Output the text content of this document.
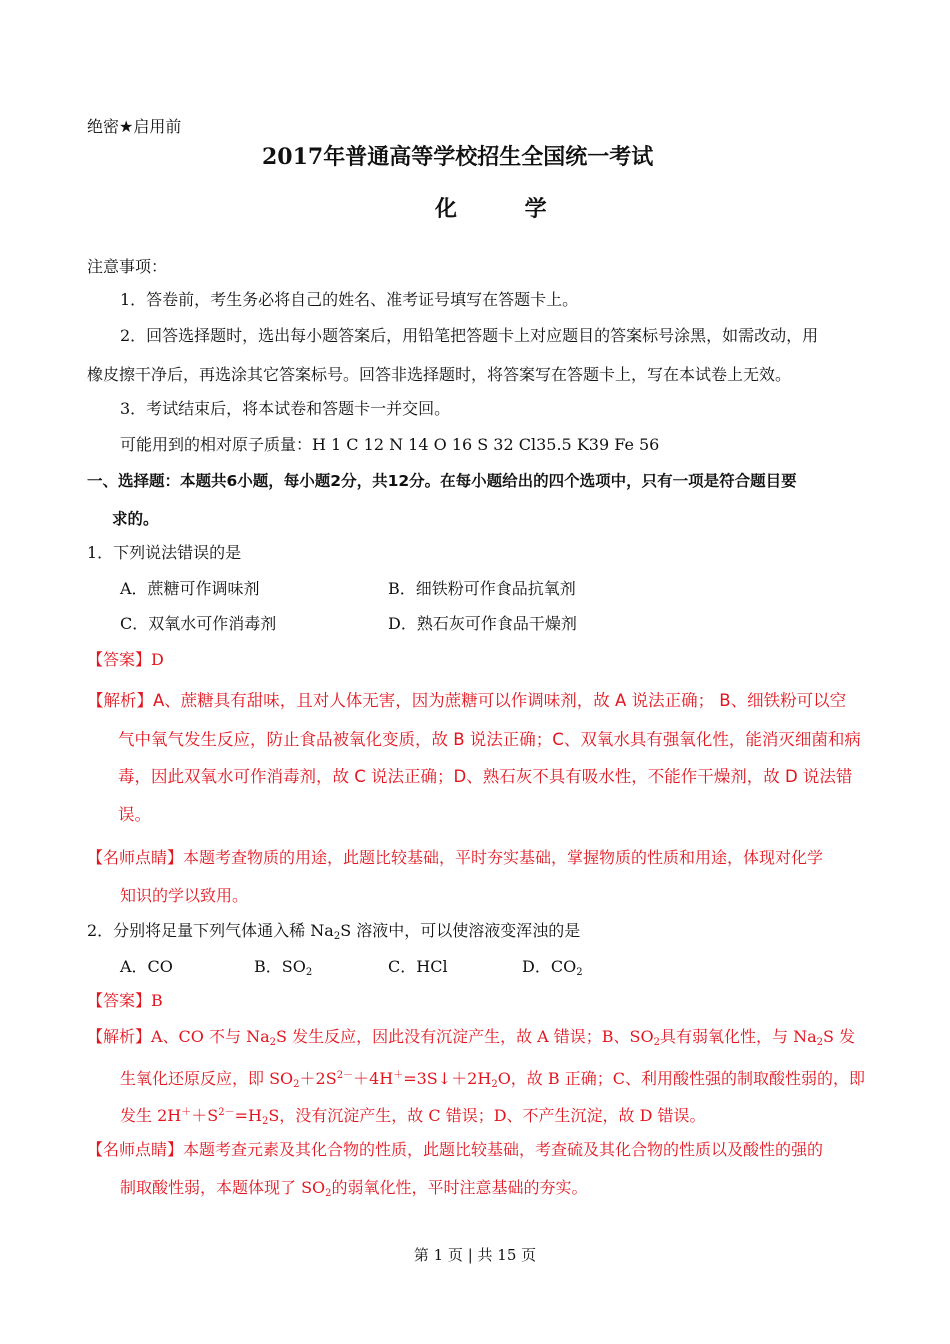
绝密★启用前
2017年普通高等学校招生全国统一考试
化 学
注意事项：
1．答卷前，考生务必将自己的姓名、准考证号填写在答题卡上。
2．回答选择题时，选出每小题答案后，用铅笔把答题卡上对应题目的答案标号涂黑，如需改动，用
橡皮擦干净后，再选涂其它答案标号。回答非选择题时，将答案写在答题卡上，写在本试卷上无效。
3．考试结束后，将本试卷和答题卡一并交回。
可能用到的相对原子质量：H 1 C 12 N 14 O 16 S 32 Cl35.5 K39 Fe 56
一、选择题：本题共6小题，每小题2分，共12分。在每小题给出的四个选项中，只有一项是符合题目要
求的。
1．下列说法错误的是
A．蔗糖可作调味剂	B．细铁粉可作食品抗氧剂
C．双氧水可作消毒剂	D．熟石灰可作食品干燥剂
【答案】D
【解析】A、蔗糖具有甜味，且对人体无害，因为蔗糖可以作调味剂，故 A 说法正确； B、细铁粉可以空
气中氧气发生反应，防止食品被氧化变质，故 B 说法正确；C、双氧水具有强氧化性，能消灭细菌和病
毒，因此双氧水可作消毒剂，故 C 说法正确；D、熟石灰不具有吸水性，不能作干燥剂，故 D 说法错
误。
【名师点睛】本题考查物质的用途，此题比较基础，平时夯实基础，掌握物质的性质和用途，体现对化学
知识的学以致用。
2．分别将足量下列气体通入稀 $Na_2S$ 溶液中，可以使溶液变浑浊的是
A．CO	B．$SO_2$	C．HCl	D．$CO_2$
【答案】B
【解析】A、CO 不与 $Na_2S$ 发生反应，因此没有沉淀产生，故 A 错误；B、$SO_2$具有弱氧化性，与 $Na_2S$ 发
生氧化还原反应，即 $SO_2+2S^{2-}+4H^+=3S↓+2H_2O$，故 B 正确；C、利用酸性强的制取酸性弱的，即
发生 $2H^++S^{2-}=H_2S$，没有沉淀产生，故 C 错误；D、不产生沉淀，故 D 错误。
【名师点睛】本题考查元素及其化合物的性质，此题比较基础，考查硫及其化合物的性质以及酸性的强的
制取酸性弱，本题体现了 $SO_2$的弱氧化性，平时注意基础的夯实。
第 1 页 | 共 15 页
